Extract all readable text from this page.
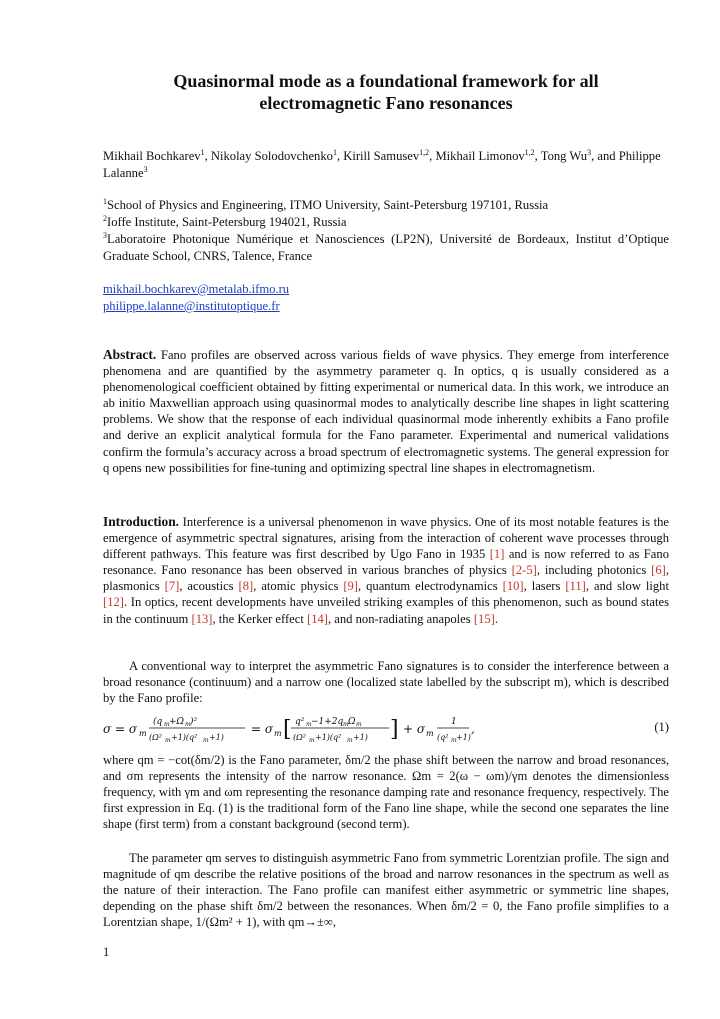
Quasinormal mode as a foundational framework for all
electromagnetic Fano resonances
Mikhail Bochkarev$^1$, Nikolay Solodovchenko$^1$, Kirill Samusev$^{1,2}$, Mikhail Limonov$^{1,2}$, Tong Wu$^3$, and Philippe Lalanne$^3$
$^1$School of Physics and Engineering, ITMO University, Saint-Petersburg 197101, Russia
$^2$Ioffe Institute, Saint-Petersburg 194021, Russia
$^3$Laboratoire Photonique Numérique et Nanosciences (LP2N), Université de Bordeaux, Institut d’Optique Graduate School, CNRS, Talence, France
mikhail.bochkarev@metalab.ifmo.ru
philippe.lalanne@institutoptique.fr
Abstract. Fano profiles are observed across various fields of wave physics. They emerge from interference phenomena and are quantified by the asymmetry parameter q. In optics, q is usually considered as a phenomenological coefficient obtained by fitting experimental or numerical data. In this work, we introduce an ab initio Maxwellian approach using quasinormal modes to analytically describe line shapes in light scattering problems. We show that the response of each individual quasinormal mode inherently exhibits a Fano profile and derive an explicit analytical formula for the Fano parameter. Experimental and numerical validations confirm the formula’s accuracy across a broad spectrum of electromagnetic systems. The general expression for q opens new possibilities for fine-tuning and optimizing spectral line shapes in electromagnetism.
Introduction. Interference is a universal phenomenon in wave physics. One of its most notable features is the emergence of asymmetric spectral signatures, arising from the interaction of coherent wave processes through different pathways. This feature was first described by Ugo Fano in 1935 [1] and is now referred to as Fano resonance. Fano resonance has been observed in various branches of physics [2-5], including photonics [6], plasmonics [7], acoustics [8], atomic physics [9], quantum electrodynamics [10], lasers [11], and slow light [12]. In optics, recent developments have unveiled striking examples of this phenomenon, such as bound states in the continuum [13], the Kerker effect [14], and non-radiating anapoles [15].
A conventional way to interpret the asymmetric Fano signatures is to consider the interference between a broad resonance (continuum) and a narrow one (localized state labelled by the subscript m), which is described by the Fano profile:
σ = σ m
(q m +Ω m )²
(Ω² m +1)(q² m +1)
= σ m [ q² m −1+2q m Ω m
(Ω² m +1)(q² m +1) ] + σ m
1
(q² m +1)
,	(1)
where qm = −cot(δm/2) is the Fano parameter, δm/2 the phase shift between the narrow and broad resonances, and σm represents the intensity of the narrow resonance. Ωm = 2(ω − ωm)/γm denotes the dimensionless frequency, with γm and ωm representing the resonance damping rate and resonance frequency, respectively. The first expression in Eq. (1) is the traditional form of the Fano line shape, while the second one separates the line shape (first term) from a constant background (second term).
The parameter qm serves to distinguish asymmetric Fano from symmetric Lorentzian profile. The sign and magnitude of qm describe the relative positions of the broad and narrow resonances in the spectrum as well as the nature of their interaction. The Fano profile can manifest either asymmetric or symmetric line shapes, depending on the phase shift δm/2 between the resonances. When δm/2 = 0, the Fano profile simplifies to a Lorentzian shape, 1/(Ωm² + 1), with qm→±∞,
1
